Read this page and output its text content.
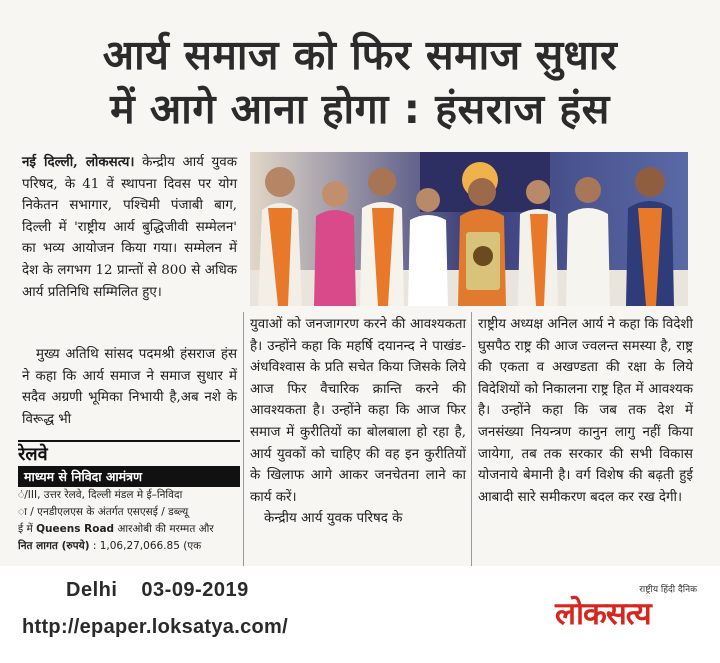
आर्य समाज को फिर समाज सुधार
में आगे आना होगा : हंसराज हंस

नई दिल्ली, लोकसत्य। केन्द्रीय आर्य युवक परिषद, के 41 वें स्थापना दिवस पर योग निकेतन सभागार, पश्चिमी पंजाबी बाग, दिल्ली में 'राष्ट्रीय आर्य बुद्धिजीवी सम्मेलन' का भव्य आयोजन किया गया। सम्मेलन में देश के लगभग 12 प्रान्तों से 800 से अधिक आर्य प्रतिनिधि सम्मिलित हुए।

मुख्य अतिथि सांसद पदमश्री हंसराज हंस ने कहा कि आर्य समाज ने समाज सुधार में सदैव अग्रणी भूमिका निभायी है,अब नशे के विरूद्ध भी

युवाओं को जनजागरण करने की आवश्यकता है। उन्होंने कहा कि महर्षि दयानन्द ने पाखंड-अंधविश्वास के प्रति सचेत किया जिसके लिये आज फिर वैचारिक क्रान्ति करने की आवश्यकता है। उन्होंने कहा कि आज फिर समाज में कुरीतियों का बोलबाला हो रहा है, आर्य युवकों को चाहिए की वह इन कुरीतियों के खिलाफ आगे आकर जनचेतना लाने का कार्य करें।

केन्द्रीय आर्य युवक परिषद के

राष्ट्रीय अध्यक्ष अनिल आर्य ने कहा कि विदेशी घुसपैठ राष्ट्र की आज ज्वलन्त समस्या है, राष्ट्र की एकता व अखण्डता की रक्षा के लिये विदेशियों को निकालना राष्ट्र हित में आवश्यक है। उन्होंने कहा कि जब तक देश में जनसंख्या नियन्त्रण कानुन लागु नहीं किया जायेगा, तब तक सरकार की सभी विकास योजनाये बेमानी है। वर्ग विशेष की बढ़ती हुई आबादी सारे समीकरण बदल कर रख देगी।

रेलवे
माध्यम से निविदा आमंत्रण
ं/III, उत्तर रेलवे, दिल्ली मंडल मे ई–निविदा
ा / एनडीएलएस के अंतर्गत एसएसई / डब्ल्यू
ई में Queens Road आरओबी की मरम्मत और
नित लागत (रुपये) : 1,06,27,066.85 (एक
Delhi 03-09-2019
http://epaper.loksatya.com/
राष्ट्रीय हिंदी दैनिक
लोकसत्य
